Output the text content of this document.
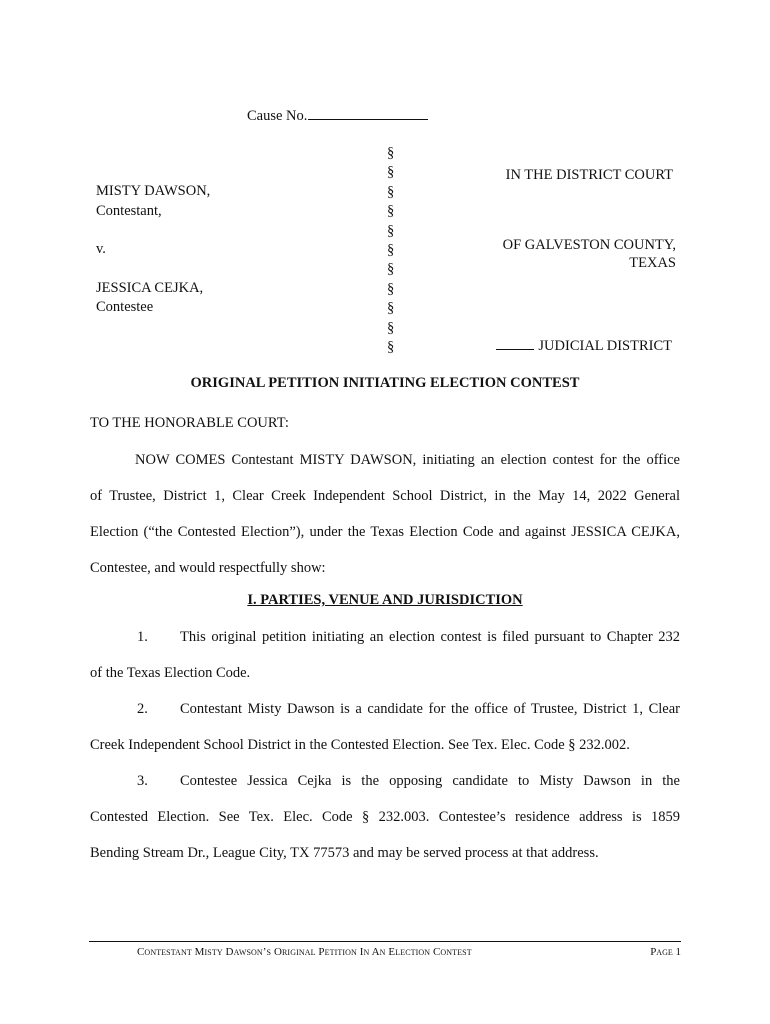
Cause No.
MISTY DAWSON,
Contestant,
v.
JESSICA CEJKA,
Contestee
§
§
§
§
§
§
§
§
§
§
§
IN THE DISTRICT COURT
OF GALVESTON COUNTY,
TEXAS
JUDICIAL DISTRICT
ORIGINAL PETITION INITIATING ELECTION CONTEST
TO THE HONORABLE COURT:
NOW COMES Contestant MISTY DAWSON, initiating an election contest for the office
of Trustee, District 1, Clear Creek Independent School District, in the May 14, 2022 General
Election (“the Contested Election”), under the Texas Election Code and against JESSICA CEJKA,
Contestee, and would respectfully show:
I. PARTIES, VENUE AND JURISDICTION
1.	This original petition initiating an election contest is filed pursuant to Chapter 232
of the Texas Election Code.
2.	Contestant Misty Dawson is a candidate for the office of Trustee, District 1, Clear
Creek Independent School District in the Contested Election. See Tex. Elec. Code § 232.002.
3.	Contestee Jessica Cejka is the opposing candidate to Misty Dawson in the
Contested Election. See Tex. Elec. Code § 232.003. Contestee’s residence address is 1859
Bending Stream Dr., League City, TX 77573 and may be served process at that address.
Contestant Misty Dawson’s Original Petition In An Election Contest	Page 1
